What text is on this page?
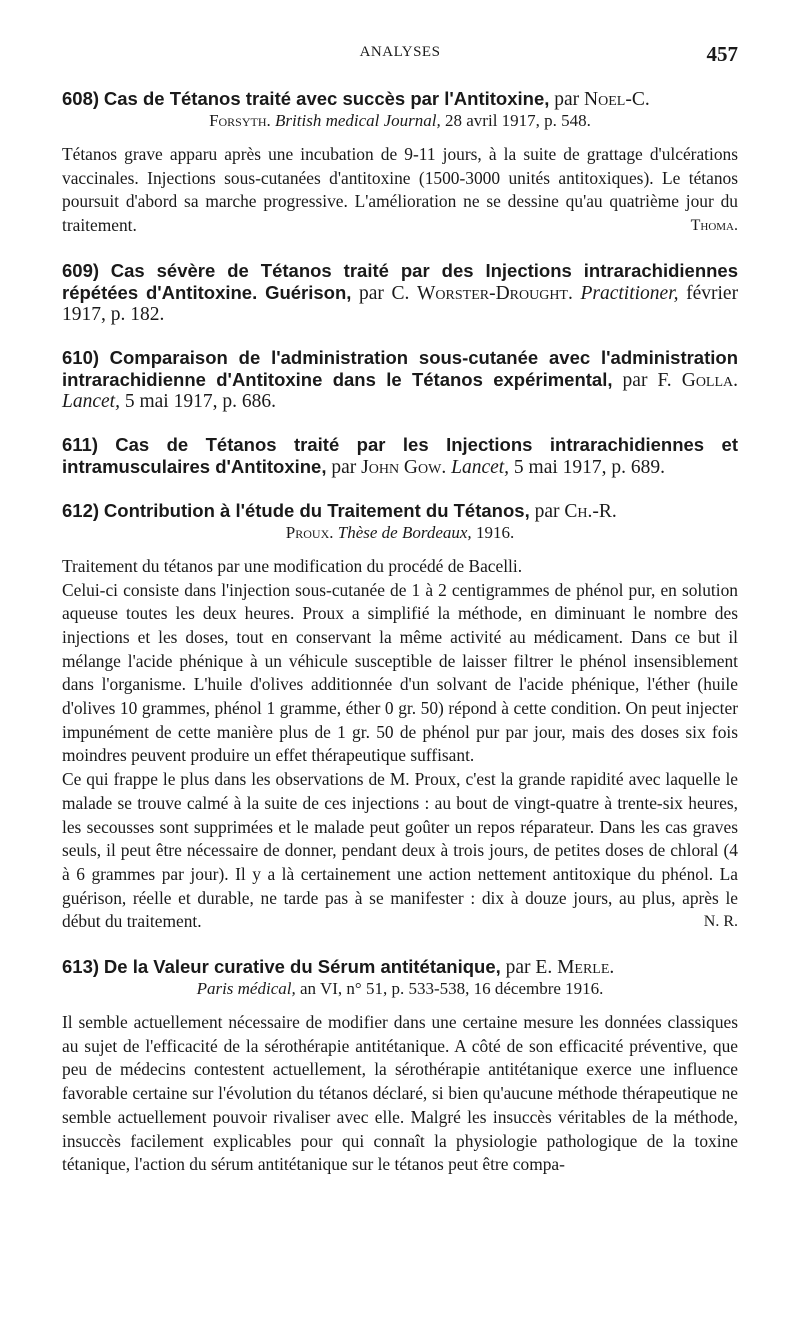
ANALYSES	457

608) Cas de Tétanos traité avec succès par l'Antitoxine, par Noel-C.

Forsyth. British medical Journal, 28 avril 1917, p. 548.

Tétanos grave apparu après une incubation de 9-11 jours, à la suite de grattage d'ulcérations vaccinales. Injections sous-cutanées d'antitoxine (1500-3000 unités antitoxiques). Le tétanos poursuit d'abord sa marche progressive. L'amélioration ne se dessine qu'au quatrième jour du traitement.	Thoma.

609) Cas sévère de Tétanos traité par des Injections intrarachidiennes répétées d'Antitoxine. Guérison, par C. Worster-Drought. Practitioner, février 1917, p. 182.

610) Comparaison de l'administration sous-cutanée avec l'administration intrarachidienne d'Antitoxine dans le Tétanos expérimental, par F. Golla. Lancet, 5 mai 1917, p. 686.

611) Cas de Tétanos traité par les Injections intrarachidiennes et intramusculaires d'Antitoxine, par John Gow. Lancet, 5 mai 1917, p. 689.

612) Contribution à l'étude du Traitement du Tétanos, par Ch.-R.

Proux. Thèse de Bordeaux, 1916.

Traitement du tétanos par une modification du procédé de Bacelli.

Celui-ci consiste dans l'injection sous-cutanée de 1 à 2 centigrammes de phénol pur, en solution aqueuse toutes les deux heures. Proux a simplifié la méthode, en diminuant le nombre des injections et les doses, tout en conservant la même activité au médicament. Dans ce but il mélange l'acide phénique à un véhicule susceptible de laisser filtrer le phénol insensiblement dans l'organisme. L'huile d'olives additionnée d'un solvant de l'acide phénique, l'éther (huile d'olives 10 grammes, phénol 1 gramme, éther 0 gr. 50) répond à cette condition. On peut injecter impunément de cette manière plus de 1 gr. 50 de phénol pur par jour, mais des doses six fois moindres peuvent produire un effet thérapeutique suffisant.

Ce qui frappe le plus dans les observations de M. Proux, c'est la grande rapidité avec laquelle le malade se trouve calmé à la suite de ces injections : au bout de vingt-quatre à trente-six heures, les secousses sont supprimées et le malade peut goûter un repos réparateur. Dans les cas graves seuls, il peut être nécessaire de donner, pendant deux à trois jours, de petites doses de chloral (4 à 6 grammes par jour). Il y a là certainement une action nettement antitoxique du phénol. La guérison, réelle et durable, ne tarde pas à se manifester : dix à douze jours, au plus, après le début du traitement.	N. R.

613) De la Valeur curative du Sérum antitétanique, par E. Merle.

Paris médical, an VI, n° 51, p. 533-538, 16 décembre 1916.

Il semble actuellement nécessaire de modifier dans une certaine mesure les données classiques au sujet de l'efficacité de la sérothérapie antitétanique. A côté de son efficacité préventive, que peu de médecins contestent actuellement, la sérothérapie antitétanique exerce une influence favorable certaine sur l'évolution du tétanos déclaré, si bien qu'aucune méthode thérapeutique ne semble actuellement pouvoir rivaliser avec elle. Malgré les insuccès véritables de la méthode, insuccès facilement explicables pour qui connaît la physiologie pathologique de la toxine tétanique, l'action du sérum antitétanique sur le tétanos peut être compa-
